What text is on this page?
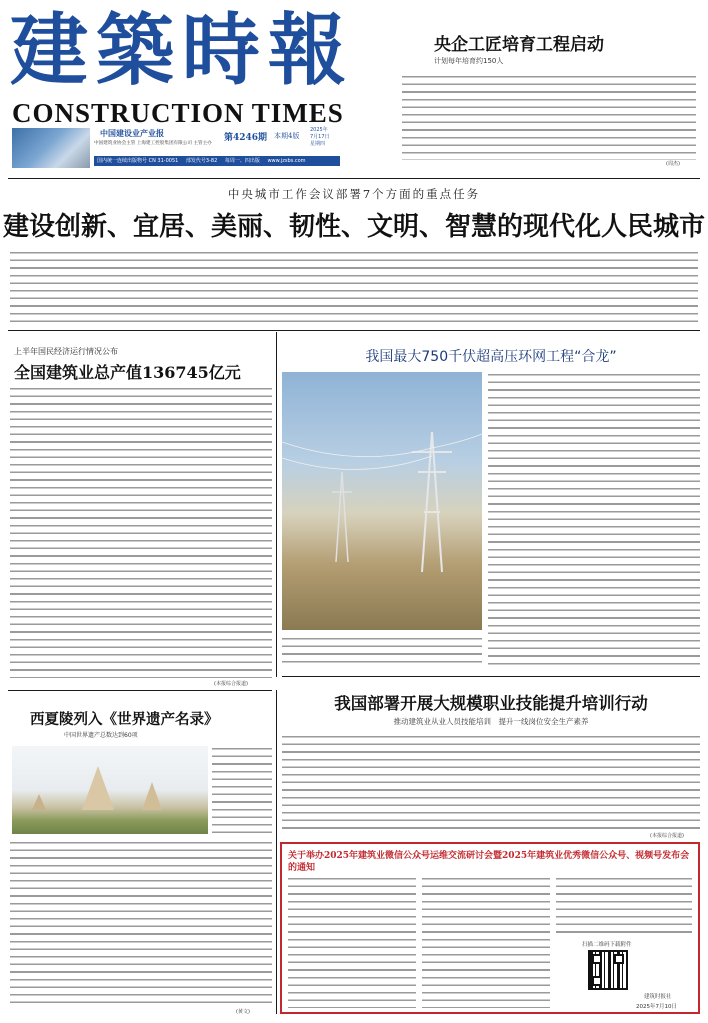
建築時報
CONSTRUCTION TIMES
中国建设业产业报
中国建筑业协会主管 上海建工控股集团有限公司 主管主办
第4246期 本期4版
2025年
7月17日
星期四
国内统一连续出版物号 CN 31-0051 部发代号3-82 每周一、四出版 www.jzsbs.com
央企工匠培育工程启动
计划每年培育约150人
(周杰)
中央城市工作会议部署7个方面的重点任务
建设创新、宜居、美丽、韧性、文明、智慧的现代化人民城市
上半年国民经济运行情况公布
全国建筑业总产值136745亿元
(本报综合报道)
西夏陵列入《世界遗产名录》
中国世界遗产总数达到60项
(黄文)
我国最大750千伏超高压环网工程“合龙”
我国部署开展大规模职业技能提升培训行动
推动建筑业从业人员技能培训　提升一线岗位安全生产素养
(本报综合报道)
关于举办2025年建筑业微信公众号运维交流研讨会暨2025年建筑业优秀微信公众号、视频号发布会的通知
扫描二维码下载附件
建筑时报社
2025年7月10日
